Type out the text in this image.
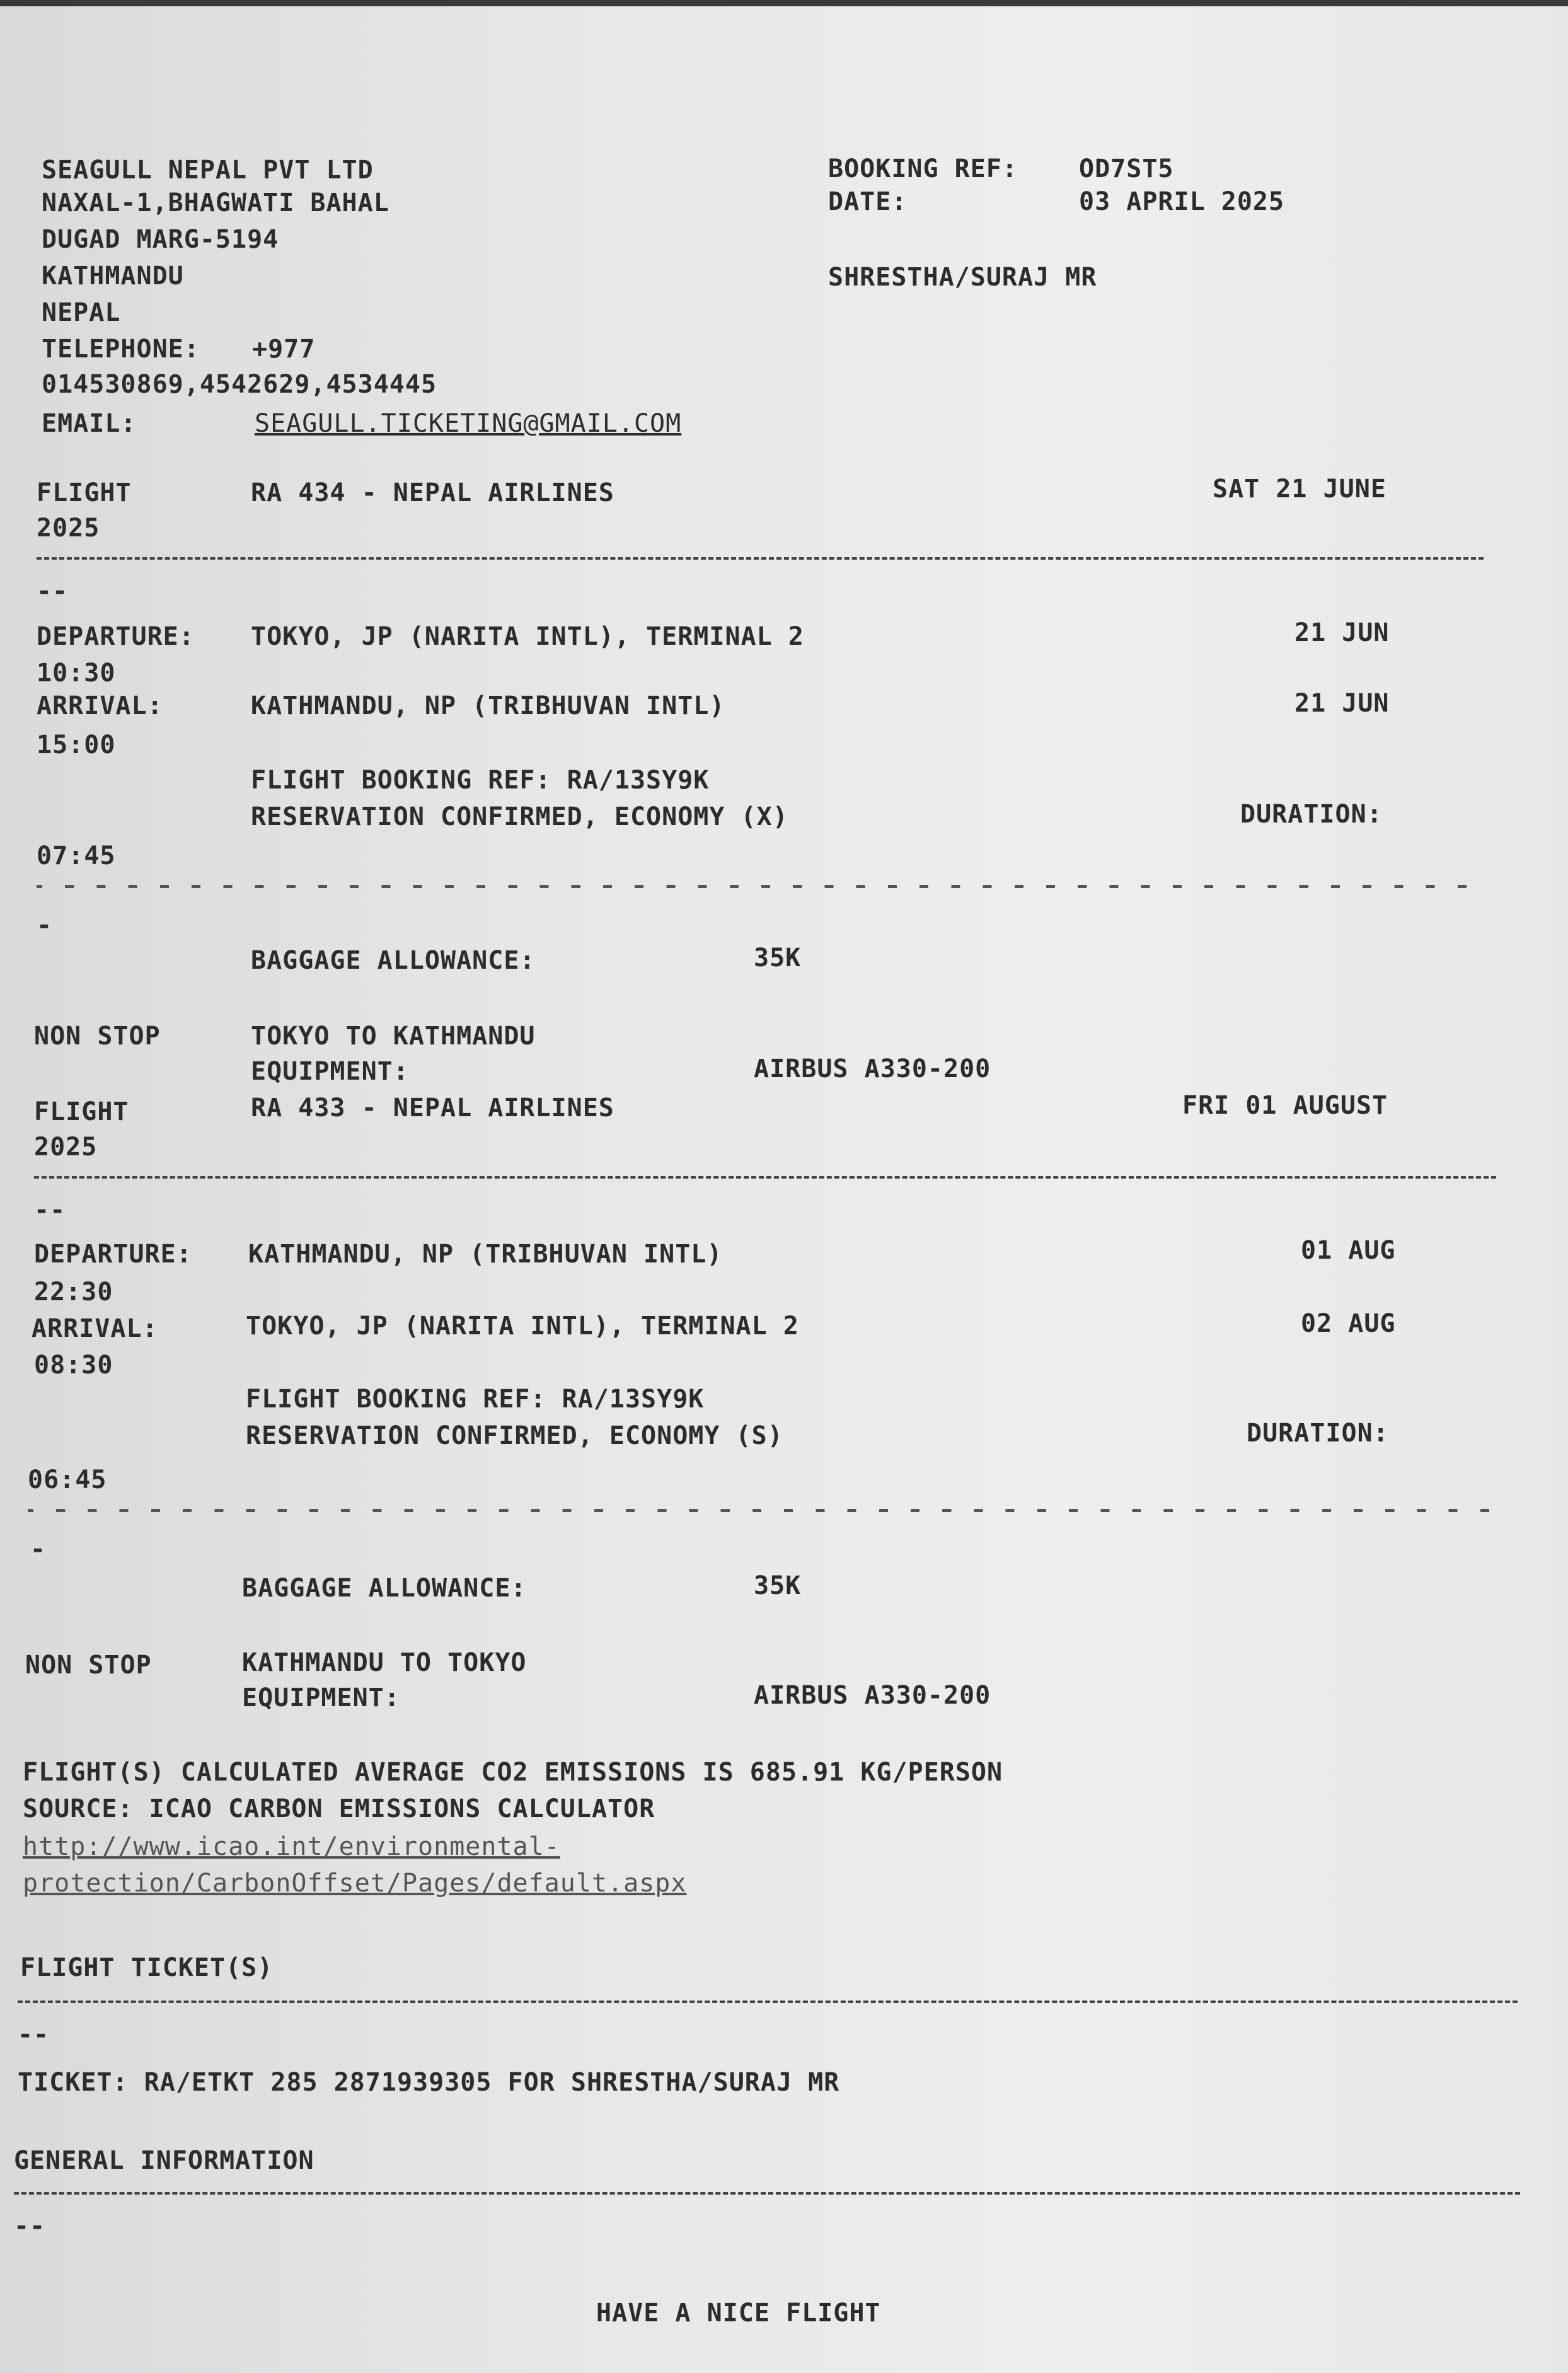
SEAGULL NEPAL PVT LTD
NAXAL-1,BHAGWATI BAHAL
DUGAD MARG-5194
KATHMANDU
NEPAL
TELEPHONE: +977
014530869,4542629,4534445
EMAIL:	SEAGULL.TICKETING@GMAIL.COM
BOOKING REF: OD7ST5
DATE:	03 APRIL 2025
SHRESTHA/SURAJ MR
FLIGHT	RA 434 - NEPAL AIRLINES	SAT 21 JUNE
2025
--
DEPARTURE: TOKYO, JP (NARITA INTL), TERMINAL 2	21 JUN
10:30
ARRIVAL:	KATHMANDU, NP (TRIBHUVAN INTL)	21 JUN
15:00
FLIGHT BOOKING REF: RA/13SY9K
RESERVATION CONFIRMED, ECONOMY (X)	DURATION:
07:45
-
BAGGAGE ALLOWANCE:	35K
NON STOP	TOKYO TO KATHMANDU
EQUIPMENT:	AIRBUS A330-200
FLIGHT	RA 433 - NEPAL AIRLINES	FRI 01 AUGUST
2025
--
DEPARTURE: KATHMANDU, NP (TRIBHUVAN INTL)	01 AUG
22:30
ARRIVAL:	TOKYO, JP (NARITA INTL), TERMINAL 2	02 AUG
08:30
FLIGHT BOOKING REF: RA/13SY9K
RESERVATION CONFIRMED, ECONOMY (S)	DURATION:
06:45
-
BAGGAGE ALLOWANCE:	35K
NON STOP	KATHMANDU TO TOKYO
EQUIPMENT:	AIRBUS A330-200
FLIGHT(S) CALCULATED AVERAGE CO2 EMISSIONS IS 685.91 KG/PERSON
SOURCE: ICAO CARBON EMISSIONS CALCULATOR
http://www.icao.int/environmental-
protection/CarbonOffset/Pages/default.aspx
FLIGHT TICKET(S)
--
TICKET: RA/ETKT 285 2871939305 FOR SHRESTHA/SURAJ MR
GENERAL INFORMATION
--
HAVE A NICE FLIGHT
